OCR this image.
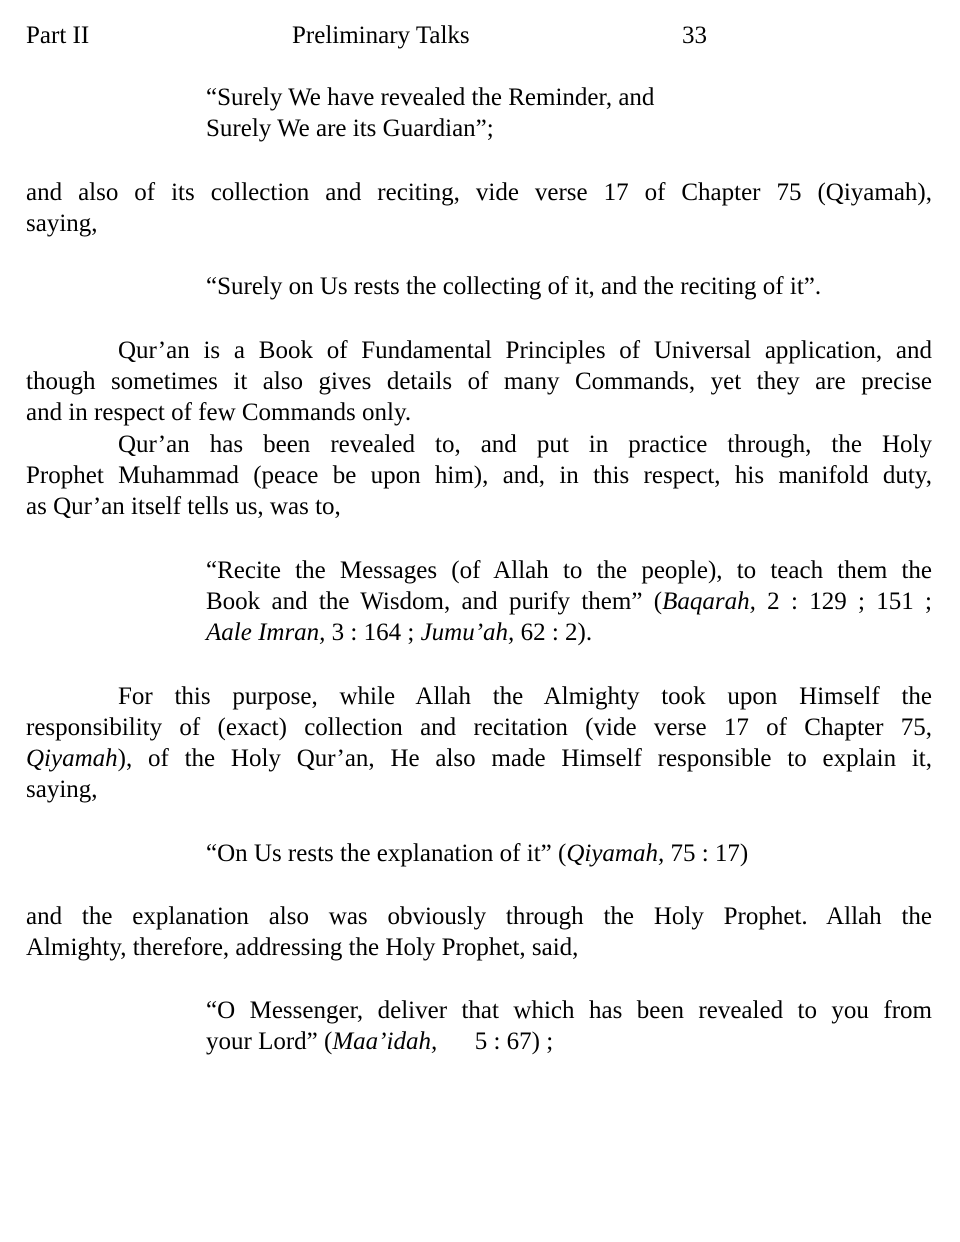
Part II	Preliminary Talks	33
“Surely We have revealed the Reminder, and
Surely We are its Guardian”;
and also of its collection and reciting, vide verse 17 of Chapter 75 (Qiyamah),
saying,
“Surely on Us rests the collecting of it, and the reciting of it”.
Qur’an is a Book of Fundamental Principles of Universal application, and
though sometimes it also gives details of many Commands, yet they are precise
and in respect of few Commands only.
Qur’an has been revealed to, and put in practice through, the Holy
Prophet Muhammad (peace be upon him), and, in this respect, his manifold duty,
as Qur’an itself tells us, was to,
“Recite the Messages (of Allah to the people), to teach them the
Book and the Wisdom, and purify them” (Baqarah, 2 : 129 ; 151 ;
Aale Imran, 3 : 164 ; Jumu’ah, 62 : 2).
For this purpose, while Allah the Almighty took upon Himself the
responsibility of (exact) collection and recitation (vide verse 17 of Chapter 75,
Qiyamah), of the Holy Qur’an, He also made Himself responsible to explain it,
saying,
“On Us rests the explanation of it” (Qiyamah, 75 : 17)
and the explanation also was obviously through the Holy Prophet. Allah the
Almighty, therefore, addressing the Holy Prophet, said,
“O Messenger, deliver that which has been revealed to you from
your Lord” (Maa’idah,      5 : 67) ;
